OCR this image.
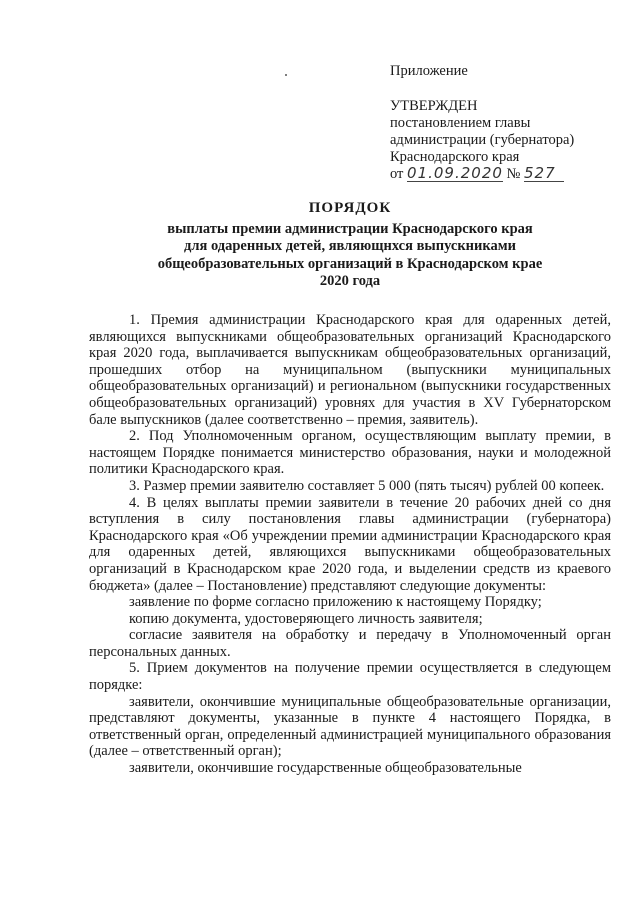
Приложение
УТВЕРЖДЕН
постановлением главы
администрации (губернатора)
Краснодарского края
от 01.09.2020 № 527
ПОРЯДОК
выплаты премии администрации Краснодарского края
для одаренных детей, являющнхся выпускниками
общеобразовательных организаций в Краснодарском крае
2020 года

1. Премия администрации Краснодарского края для одаренных детей, являющихся выпускниками общеобразовательных организаций Краснодарского края 2020 года, выплачивается выпускникам общеобразовательных организаций, прошедших отбор на муниципальном (выпускники муниципальных общеобразовательных организаций) и региональном (выпускники государственных общеобразовательных организаций) уровнях для участия в XV Губернаторском бале выпускников (далее соответственно – премия, заявитель).

2. Под Уполномоченным органом, осуществляющим выплату премии, в настоящем Порядке понимается министерство образования, науки и молодежной политики Краснодарского края.

3. Размер премии заявителю составляет 5 000 (пять тысяч) рублей 00 копеек.

4. В целях выплаты премии заявители в течение 20 рабочих дней со дня вступления в силу постановления главы администрации (губернатора) Краснодарского края «Об учреждении премии администрации Краснодарского края для одаренных детей, являющихся выпускниками общеобразовательных организаций в Краснодарском крае 2020 года, и выделении средств из краевого бюджета» (далее – Постановление) представляют следующие документы:

заявление по форме согласно приложению к настоящему Порядку;

копию документа, удостоверяющего личность заявителя;

согласие заявителя на обработку и передачу в Уполномоченный орган персональных данных.

5. Прием документов на получение премии осуществляется в следующем порядке:

заявители, окончившие муниципальные общеобразовательные организации, представляют документы, указанные в пункте 4 настоящего Порядка, в ответственный орган, определенный администрацией муниципального образования (далее – ответственный орган);

заявители, окончившие государственные общеобразовательные
